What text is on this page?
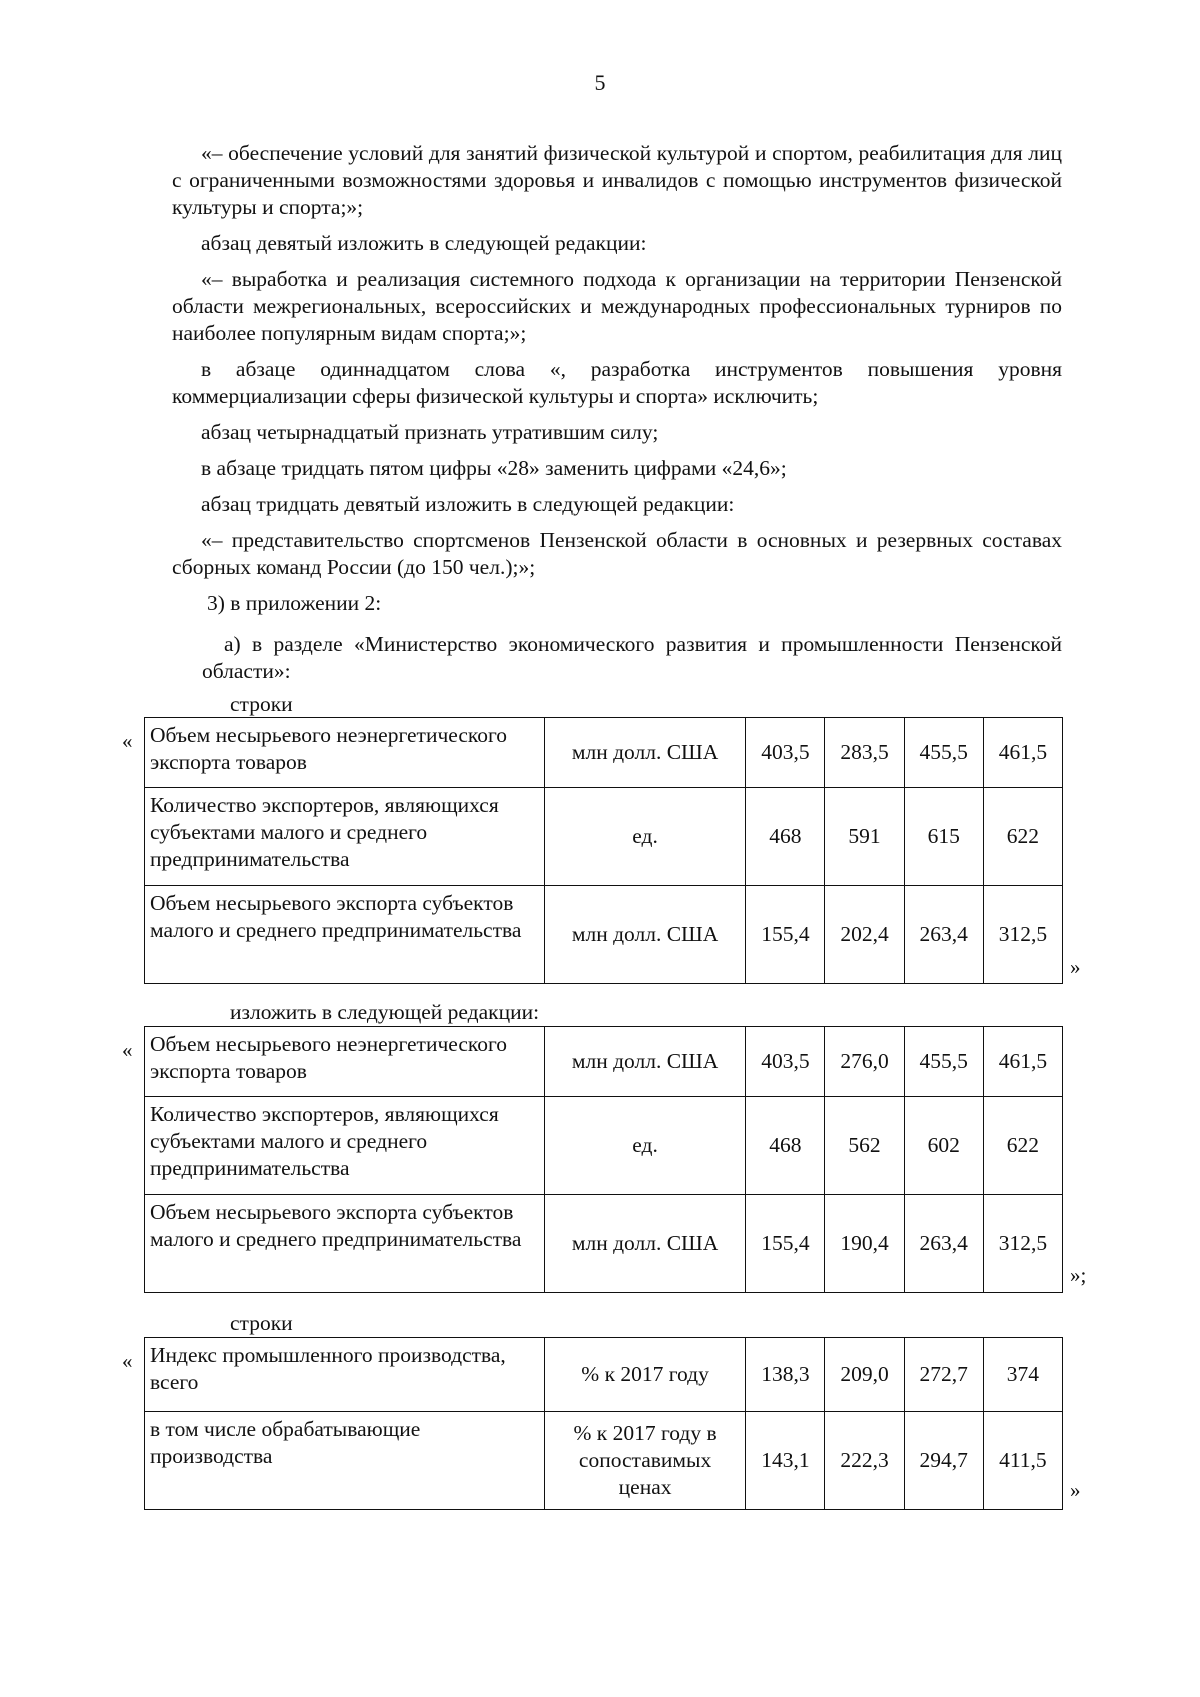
5

«– обеспечение условий для занятий физической культурой и спортом, реабилитация для лиц с ограниченными возможностями здоровья и инвалидов с помощью инструментов физической культуры и спорта;»;

абзац девятый изложить в следующей редакции:

«– выработка и реализация системного подхода к организации на территории Пензенской области межрегиональных, всероссийских и международных профессиональных турниров по наиболее популярным видам спорта;»;

в абзаце одиннадцатом слова «, разработка инструментов повышения уровня коммерциализации сферы физической культуры и спорта» исключить;

абзац четырнадцатый признать утратившим силу;

в абзаце тридцать пятом цифры «28» заменить цифрами «24,6»;

абзац тридцать девятый изложить в следующей редакции:

«– представительство спортсменов Пензенской области в основных и резервных составах сборных команд России (до 150 чел.);»;

3) в приложении 2:

а) в разделе «Министерство экономического развития и промышленности Пензенской области»:

строки
« Объем несырьевого неэнергетического экспорта товаров	млн долл. США	403,5	283,5	455,5	461,5
Количество экспортеров, являющихся субъектами малого и среднего предпринимательства	ед.	468	591	615	622
Объем несырьевого экспорта субъектов малого и среднего предпринимательства	млн долл. США	155,4	202,4	263,4	312,5
»
изложить в следующей редакции:
« Объем несырьевого неэнергетического экспорта товаров	млн долл. США	403,5	276,0	455,5	461,5
Количество экспортеров, являющихся субъектами малого и среднего предпринимательства	ед.	468	562	602	622
Объем несырьевого экспорта субъектов малого и среднего предпринимательства	млн долл. США	155,4	190,4	263,4	312,5
»;
строки
« Индекс промышленного производства, всего	% к 2017 году	138,3	209,0	272,7	374
в том числе обрабатывающие производства	% к 2017 году в сопоставимых ценах	143,1	222,3	294,7	411,5
»
